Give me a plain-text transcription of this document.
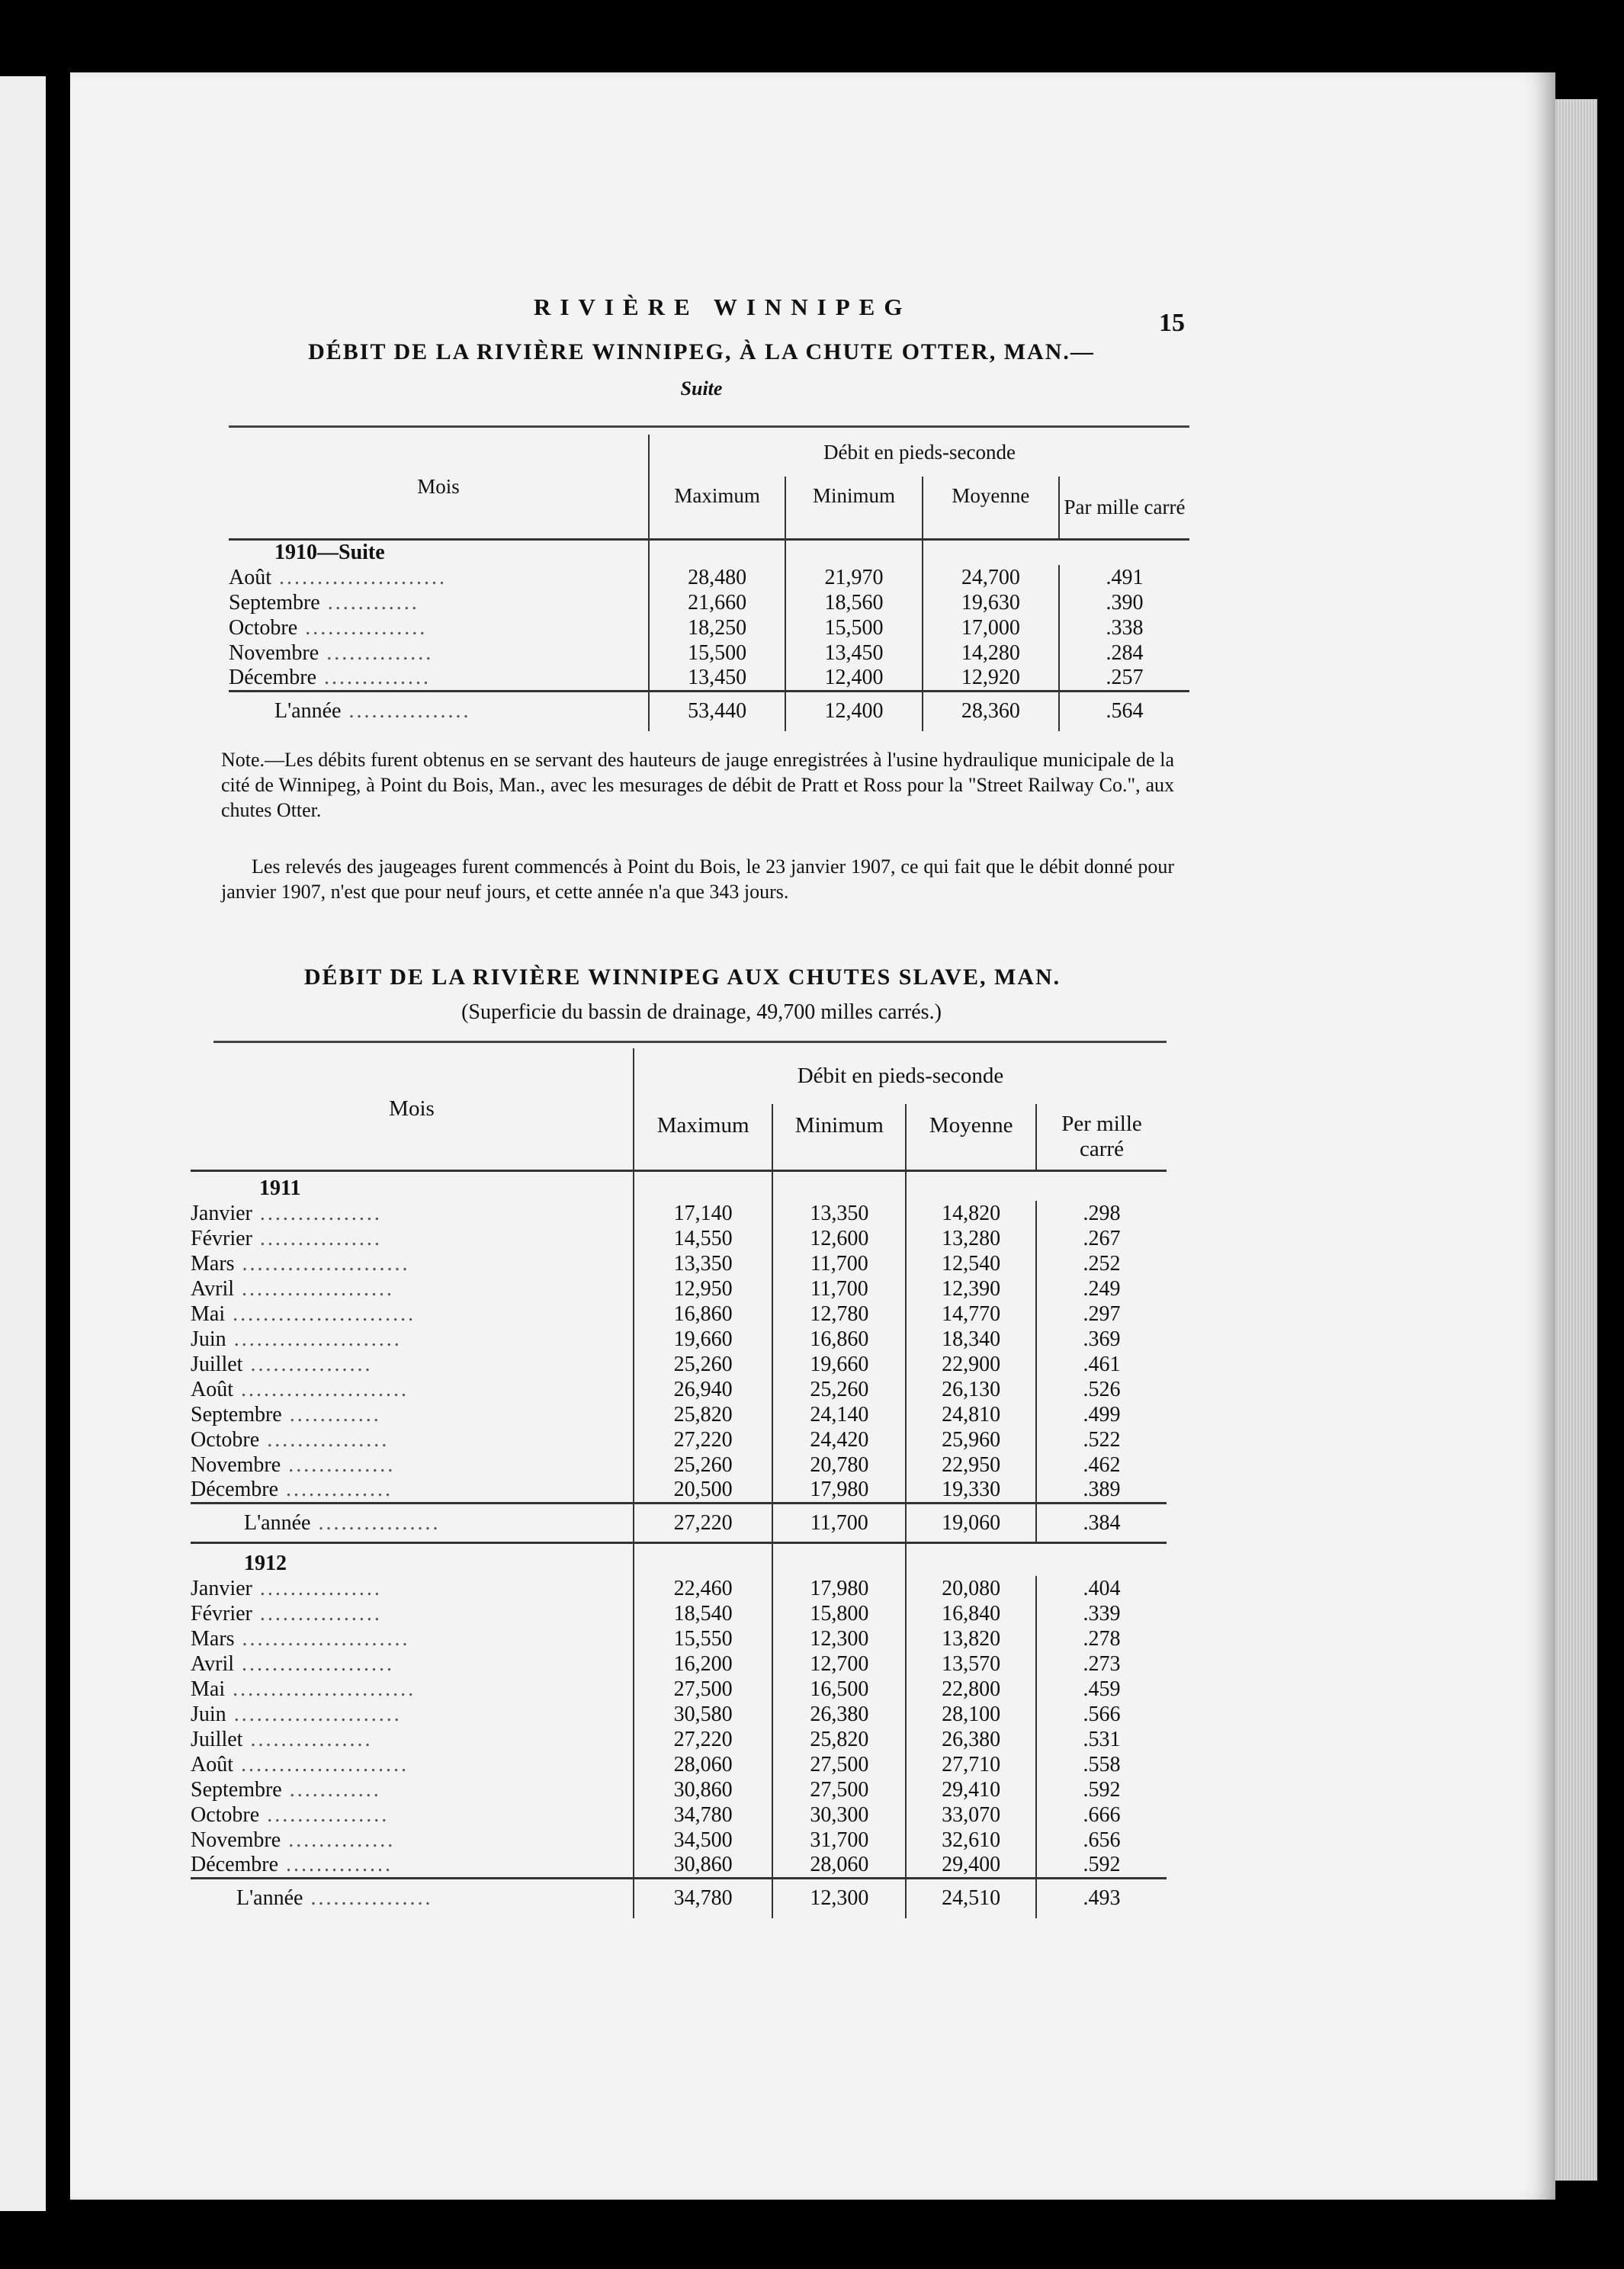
RIVIÈRE WINNIPEG
15
DÉBIT DE LA RIVIÈRE WINNIPEG, À LA CHUTE OTTER, MAN.—
Suite
Mois	Débit en pieds-seconde			
	Maximum	Minimum	Moyenne	Par mille carré
1910—Suite				
Août ......................	28,480	21,970	24,700	.491
Septembre ............	21,660	18,560	19,630	.390
Octobre ................	18,250	15,500	17,000	.338
Novembre ..............	15,500	13,450	14,280	.284
Décembre ..............	13,450	12,400	12,920	.257
L'année ................	53,440	12,400	28,360	.564
Note.—Les débits furent obtenus en se servant des hauteurs de jauge enregistrées à l'usine hydraulique municipale de la cité de Winnipeg, à Point du Bois, Man., avec les mesurages de débit de Pratt et Ross pour la "Street Railway Co.", aux chutes Otter.
Les relevés des jaugeages furent commencés à Point du Bois, le 23 janvier 1907, ce qui fait que le débit donné pour janvier 1907, n'est que pour neuf jours, et cette année n'a que 343 jours.
DÉBIT DE LA RIVIÈRE WINNIPEG AUX CHUTES SLAVE, MAN.
(Superficie du bassin de drainage, 49,700 milles carrés.)
Mois	Débit en pieds-seconde			
	Maximum	Minimum	Moyenne	Per mille carré
1911				
Janvier ................	17,140	13,350	14,820	.298
Février ................	14,550	12,600	13,280	.267
Mars ......................	13,350	11,700	12,540	.252
Avril ....................	12,950	11,700	12,390	.249
Mai ........................	16,860	12,780	14,770	.297
Juin ......................	19,660	16,860	18,340	.369
Juillet ................	25,260	19,660	22,900	.461
Août ......................	26,940	25,260	26,130	.526
Septembre ............	25,820	24,140	24,810	.499
Octobre ................	27,220	24,420	25,960	.522
Novembre ..............	25,260	20,780	22,950	.462
Décembre ..............	20,500	17,980	19,330	.389
L'année ................	27,220	11,700	19,060	.384
1912				
Janvier ................	22,460	17,980	20,080	.404
Février ................	18,540	15,800	16,840	.339
Mars ......................	15,550	12,300	13,820	.278
Avril ....................	16,200	12,700	13,570	.273
Mai ........................	27,500	16,500	22,800	.459
Juin ......................	30,580	26,380	28,100	.566
Juillet ................	27,220	25,820	26,380	.531
Août ......................	28,060	27,500	27,710	.558
Septembre ............	30,860	27,500	29,410	.592
Octobre ................	34,780	30,300	33,070	.666
Novembre ..............	34,500	31,700	32,610	.656
Décembre ..............	30,860	28,060	29,400	.592
L'année ................	34,780	12,300	24,510	.493
